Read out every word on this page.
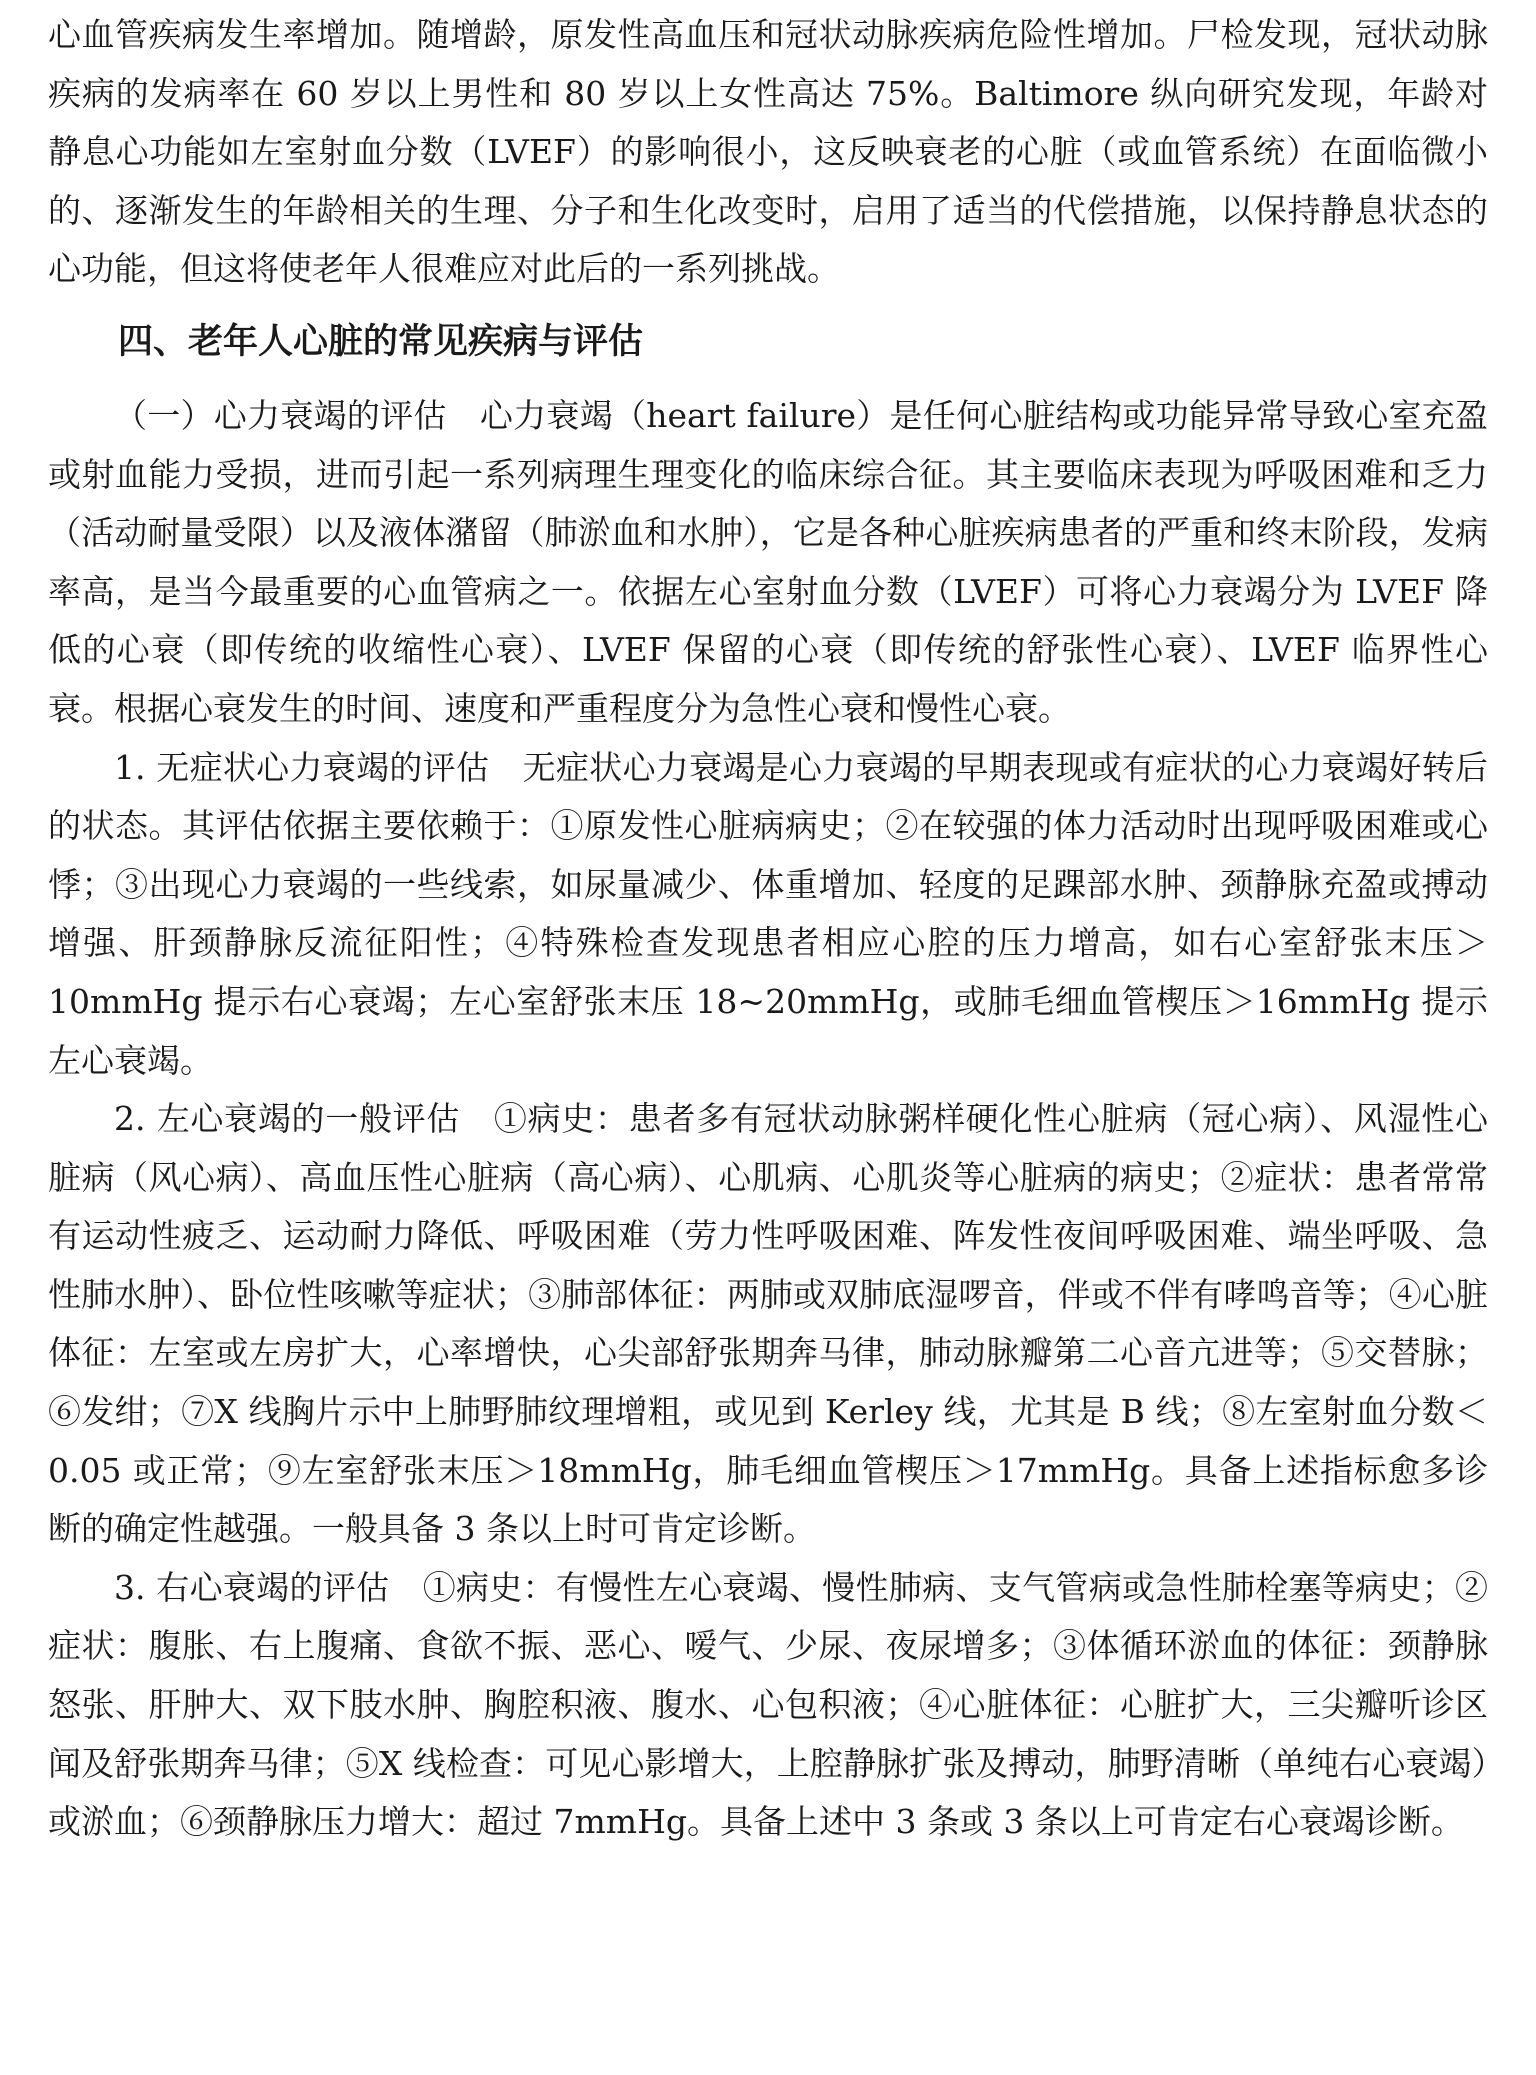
心血管疾病发生率增加。随增龄，原发性高血压和冠状动脉疾病危险性增加。尸检发现，冠状动脉疾病的发病率在 60 岁以上男性和 80 岁以上女性高达 75%。Baltimore 纵向研究发现，年龄对静息心功能如左室射血分数（LVEF）的影响很小，这反映衰老的心脏（或血管系统）在面临微小的、逐渐发生的年龄相关的生理、分子和生化改变时，启用了适当的代偿措施，以保持静息状态的心功能，但这将使老年人很难应对此后的一系列挑战。

四、老年人心脏的常见疾病与评估

（一）心力衰竭的评估 心力衰竭（heart failure）是任何心脏结构或功能异常导致心室充盈或射血能力受损，进而引起一系列病理生理变化的临床综合征。其主要临床表现为呼吸困难和乏力（活动耐量受限）以及液体潴留（肺淤血和水肿），它是各种心脏疾病患者的严重和终末阶段，发病率高，是当今最重要的心血管病之一。依据左心室射血分数（LVEF）可将心力衰竭分为 LVEF 降低的心衰（即传统的收缩性心衰）、LVEF 保留的心衰（即传统的舒张性心衰）、LVEF 临界性心衰。根据心衰发生的时间、速度和严重程度分为急性心衰和慢性心衰。

1. 无症状心力衰竭的评估 无症状心力衰竭是心力衰竭的早期表现或有症状的心力衰竭好转后的状态。其评估依据主要依赖于：①原发性心脏病病史；②在较强的体力活动时出现呼吸困难或心悸；③出现心力衰竭的一些线索，如尿量减少、体重增加、轻度的足踝部水肿、颈静脉充盈或搏动增强、肝颈静脉反流征阳性；④特殊检查发现患者相应心腔的压力增高，如右心室舒张末压＞10mmHg 提示右心衰竭；左心室舒张末压 18~20mmHg，或肺毛细血管楔压＞16mmHg 提示左心衰竭。

2. 左心衰竭的一般评估 ①病史：患者多有冠状动脉粥样硬化性心脏病（冠心病）、风湿性心脏病（风心病）、高血压性心脏病（高心病）、心肌病、心肌炎等心脏病的病史；②症状：患者常常有运动性疲乏、运动耐力降低、呼吸困难（劳力性呼吸困难、阵发性夜间呼吸困难、端坐呼吸、急性肺水肿）、卧位性咳嗽等症状；③肺部体征：两肺或双肺底湿啰音，伴或不伴有哮鸣音等；④心脏体征：左室或左房扩大，心率增快，心尖部舒张期奔马律，肺动脉瓣第二心音亢进等；⑤交替脉；⑥发绀；⑦X 线胸片示中上肺野肺纹理增粗，或见到 Kerley 线，尤其是 B 线；⑧左室射血分数＜0.05 或正常；⑨左室舒张末压＞18mmHg，肺毛细血管楔压＞17mmHg。具备上述指标愈多诊断的确定性越强。一般具备 3 条以上时可肯定诊断。

3. 右心衰竭的评估 ①病史：有慢性左心衰竭、慢性肺病、支气管病或急性肺栓塞等病史；②症状：腹胀、右上腹痛、食欲不振、恶心、嗳气、少尿、夜尿增多；③体循环淤血的体征：颈静脉怒张、肝肿大、双下肢水肿、胸腔积液、腹水、心包积液；④心脏体征：心脏扩大，三尖瓣听诊区闻及舒张期奔马律；⑤X 线检查：可见心影增大，上腔静脉扩张及搏动，肺野清晰（单纯右心衰竭）或淤血；⑥颈静脉压力增大：超过 7mmHg。具备上述中 3 条或 3 条以上可肯定右心衰竭诊断。
